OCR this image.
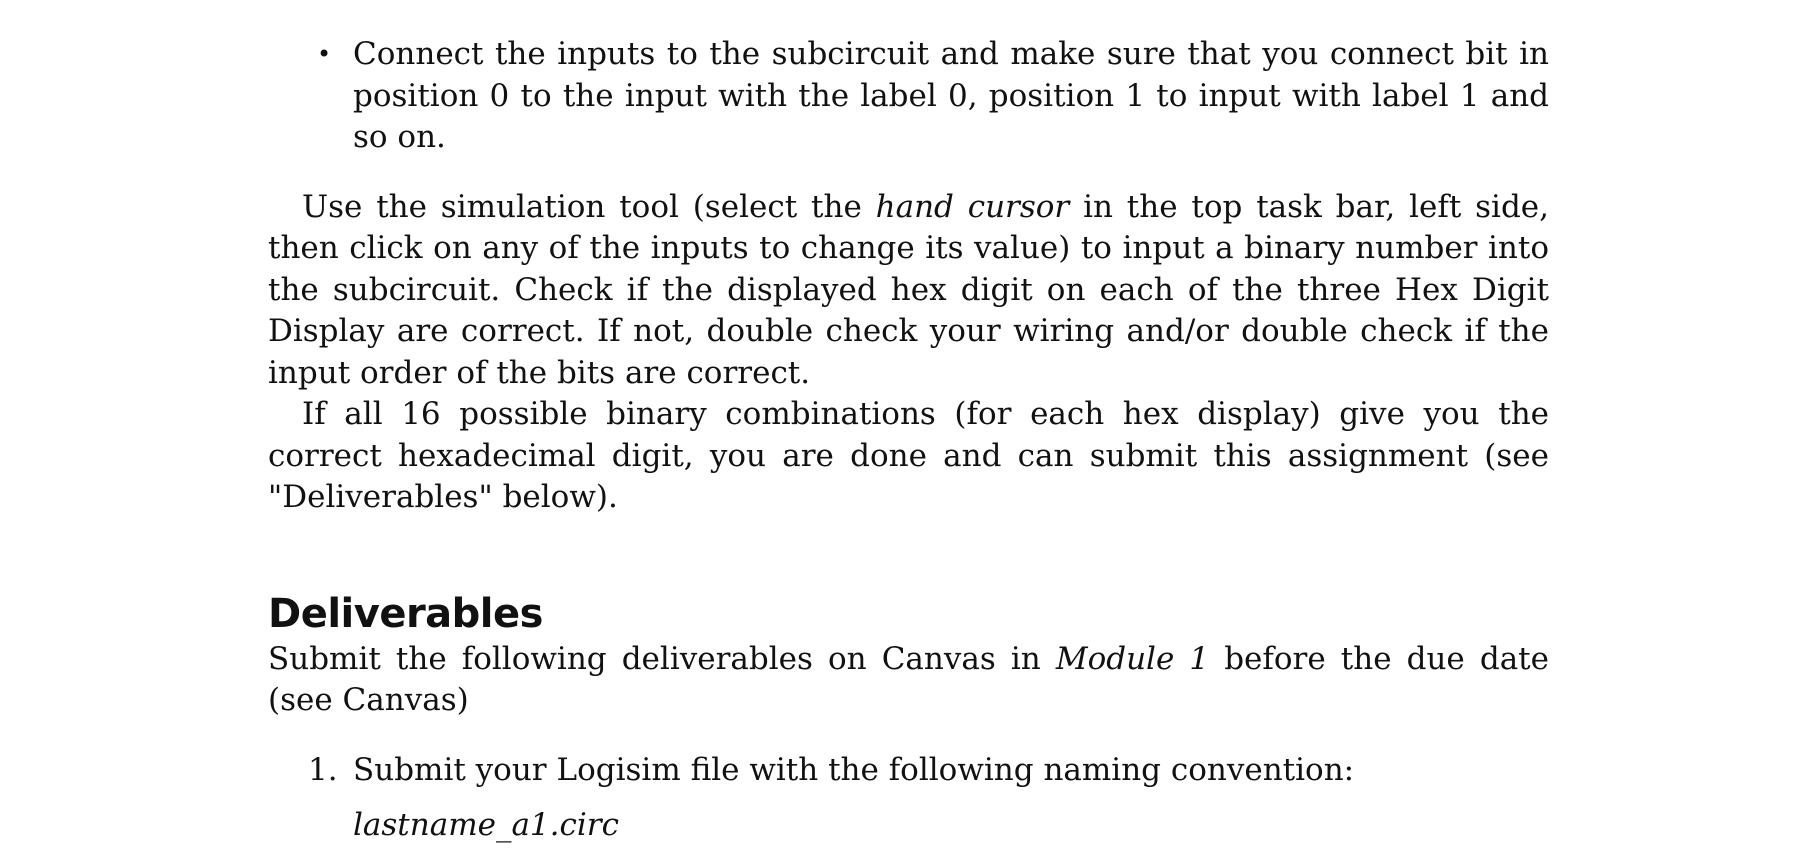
• Connect the inputs to the subcircuit and make sure that you connect bit in position 0 to the input with the label 0, position 1 to input with label 1 and so on.

Use the simulation tool (select the hand cursor in the top task bar, left side, then click on any of the inputs to change its value) to input a binary number into the subcircuit. Check if the displayed hex digit on each of the three Hex Digit Display are correct. If not, double check your wiring and/or double check if the input order of the bits are correct.

If all 16 possible binary combinations (for each hex display) give you the correct hexadecimal digit, you are done and can submit this assignment (see "Deliverables" below).

Deliverables

Submit the following deliverables on Canvas in Module 1 before the due date (see Canvas)

1. Submit your Logisim file with the following naming convention:
lastname_a1.circ
